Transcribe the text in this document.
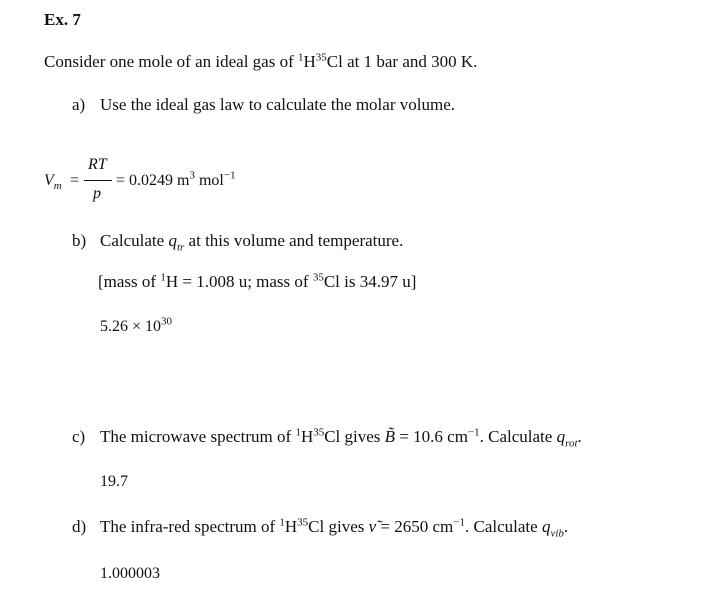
Ex. 7
Consider one mole of an ideal gas of $^1H^{35}Cl$ at 1 bar and 300 K.
a) Use the ideal gas law to calculate the molar volume.
$V_m$ =
RT
p
= 0.0249 $m^3$ mol$^{-1}$
b) Calculate $q_{tr}$ at this volume and temperature.
[mass of $^1$H = 1.008 u; mass of $^{35}$Cl is 34.97 u]
$5.26 \times 10^{30}$
c) The microwave spectrum of $^1H^{35}Cl$ gives B̃ = 10.6 $cm^{-1}$. Calculate $q_{rot}$.
19.7
d) The infra-red spectrum of $^1H^{35}Cl$ gives ν̃ = 2650 $cm^{-1}$. Calculate $q_{vib}$.
1.000003
